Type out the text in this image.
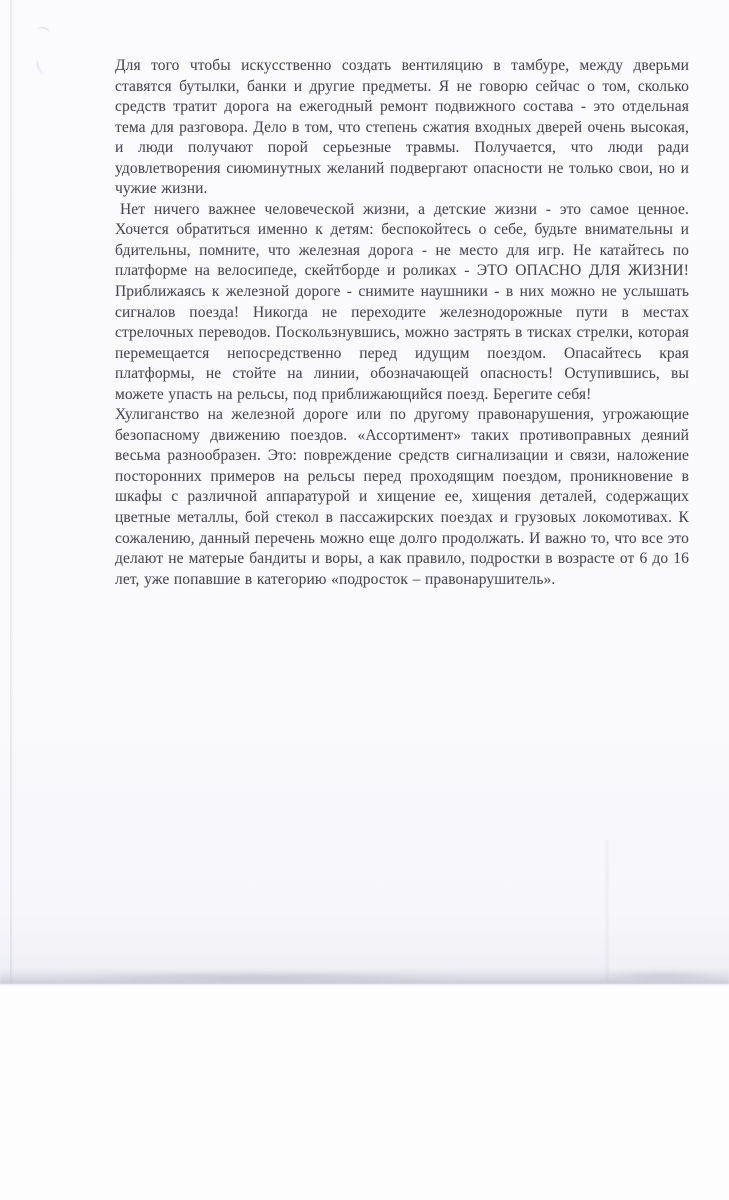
Для того чтобы искусственно создать вентиляцию в тамбуре, между дверьми ставятся бутылки, банки и другие предметы. Я не говорю сейчас о том, сколько средств тратит дорога на ежегодный ремонт подвижного состава - это отдельная тема для разговора. Дело в том, что степень сжатия входных дверей очень высокая, и люди получают порой серьезные травмы. Получается, что люди ради удовлетворения сиюминутных желаний подвергают опасности не только свои, но и чужие жизни.

Нет ничего важнее человеческой жизни, а детские жизни - это самое ценное. Хочется обратиться именно к детям: беспокойтесь о себе, будьте внимательны и бдительны, помните, что железная дорога - не место для игр. Не катайтесь по платформе на велосипеде, скейтборде и роликах - ЭТО ОПАСНО ДЛЯ ЖИЗНИ! Приближаясь к железной дороге - снимите наушники - в них можно не услышать сигналов поезда! Никогда не переходите железнодорожные пути в местах стрелочных переводов. Поскользнувшись, можно застрять в тисках стрелки, которая перемещается непосредственно перед идущим поездом. Опасайтесь края платформы, не стойте на линии, обозначающей опасность! Оступившись, вы можете упасть на рельсы, под приближающийся поезд. Берегите себя!

Хулиганство на железной дороге или по другому правонарушения, угрожающие безопасному движению поездов. «Ассортимент» таких противоправных деяний весьма разнообразен. Это: повреждение средств сигнализации и связи, наложение посторонних примеров на рельсы перед проходящим поездом, проникновение в шкафы с различной аппаратурой и хищение ее, хищения деталей, содержащих цветные металлы, бой стекол в пассажирских поездах и грузовых локомотивах. К сожалению, данный перечень можно еще долго продолжать. И важно то, что все это делают не матерые бандиты и воры, а как правило, подростки в возрасте от 6 до 16 лет, уже попавшие в категорию «подросток – правонарушитель».
